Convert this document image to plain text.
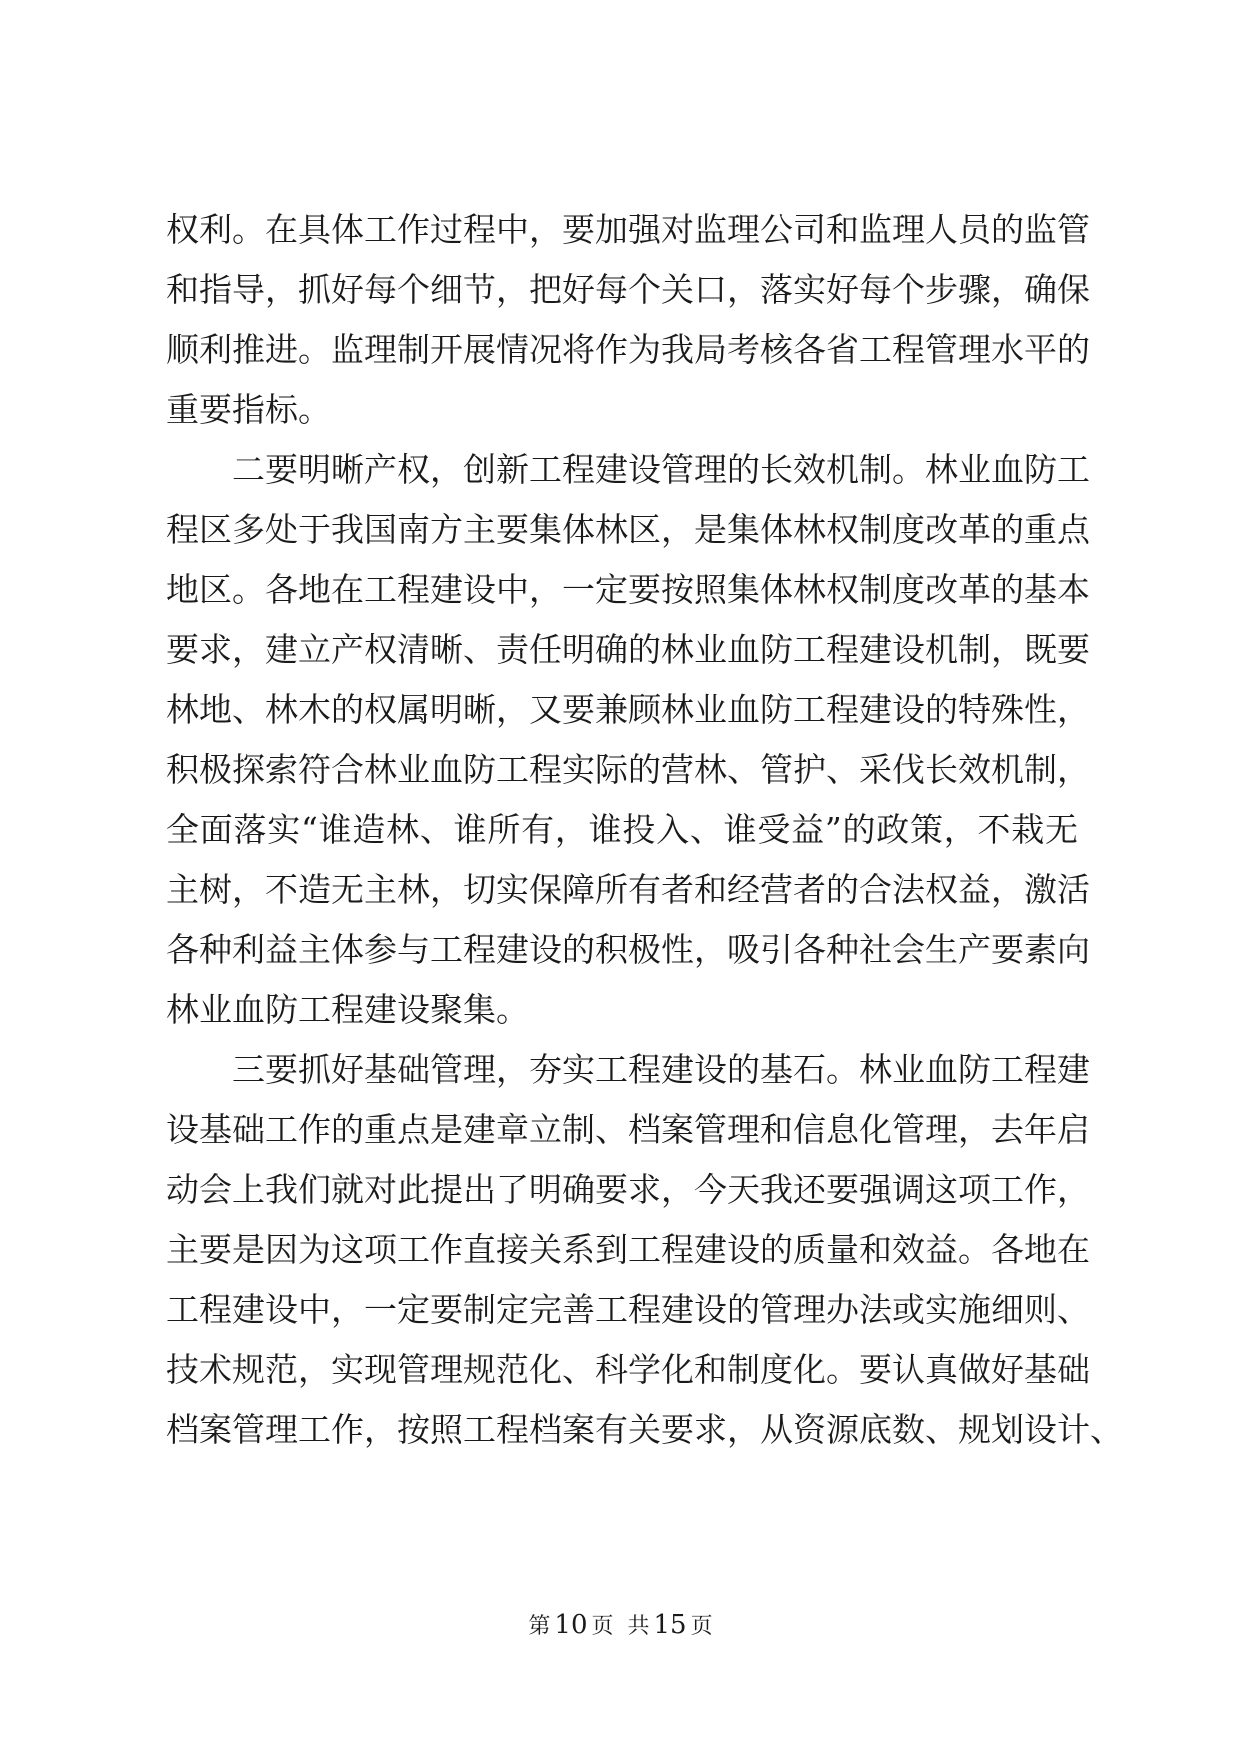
权利。在具体工作过程中，要加强对监理公司和监理人员的监管
和指导，抓好每个细节，把好每个关口，落实好每个步骤，确保
顺利推进。监理制开展情况将作为我局考核各省工程管理水平的
重要指标。
二要明晰产权，创新工程建设管理的长效机制。林业血防工
程区多处于我国南方主要集体林区，是集体林权制度改革的重点
地区。各地在工程建设中，一定要按照集体林权制度改革的基本
要求，建立产权清晰、责任明确的林业血防工程建设机制，既要
林地、林木的权属明晰，又要兼顾林业血防工程建设的特殊性，
积极探索符合林业血防工程实际的营林、管护、采伐长效机制，
全面落实“谁造林、谁所有，谁投入、谁受益”的政策，不栽无
主树，不造无主林，切实保障所有者和经营者的合法权益，激活
各种利益主体参与工程建设的积极性，吸引各种社会生产要素向
林业血防工程建设聚集。
三要抓好基础管理，夯实工程建设的基石。林业血防工程建
设基础工作的重点是建章立制、档案管理和信息化管理，去年启
动会上我们就对此提出了明确要求，今天我还要强调这项工作，
主要是因为这项工作直接关系到工程建设的质量和效益。各地在
工程建设中，一定要制定完善工程建设的管理办法或实施细则、
技术规范，实现管理规范化、科学化和制度化。要认真做好基础
档案管理工作，按照工程档案有关要求，从资源底数、规划设计、
第 10 页  共 15 页
